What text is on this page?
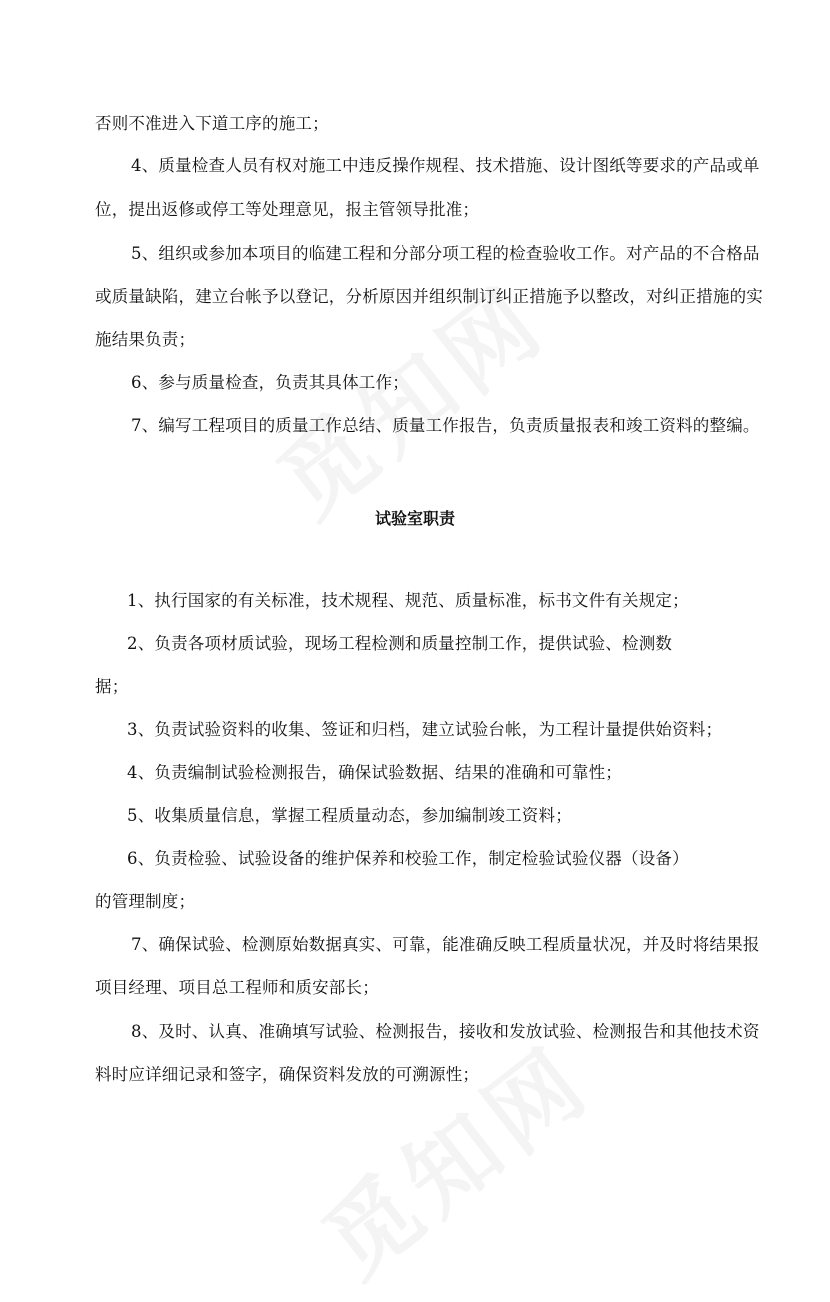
否则不准进入下道工序的施工；
4、质量检查人员有权对施工中违反操作规程、技术措施、设计图纸等要求的产品或单
位，提出返修或停工等处理意见，报主管领导批准；
5、组织或参加本项目的临建工程和分部分项工程的检查验收工作。对产品的不合格品
或质量缺陷，建立台帐予以登记，分析原因并组织制订纠正措施予以整改，对纠正措施的实
施结果负责；
6、参与质量检查，负责其具体工作；
7、编写工程项目的质量工作总结、质量工作报告，负责质量报表和竣工资料的整编。
试验室职责
1、执行国家的有关标准，技术规程、规范、质量标准，标书文件有关规定；
2、负责各项材质试验，现场工程检测和质量控制工作，提供试验、检测数
据；
3、负责试验资料的收集、签证和归档，建立试验台帐，为工程计量提供始资料；
4、负责编制试验检测报告，确保试验数据、结果的准确和可靠性；
5、收集质量信息，掌握工程质量动态，参加编制竣工资料；
6、负责检验、试验设备的维护保养和校验工作，制定检验试验仪器（设备）
的管理制度；
7、确保试验、检测原始数据真实、可靠，能准确反映工程质量状况，并及时将结果报
项目经理、项目总工程师和质安部长；
8、及时、认真、准确填写试验、检测报告，接收和发放试验、检测报告和其他技术资
料时应详细记录和签字，确保资料发放的可溯源性；
